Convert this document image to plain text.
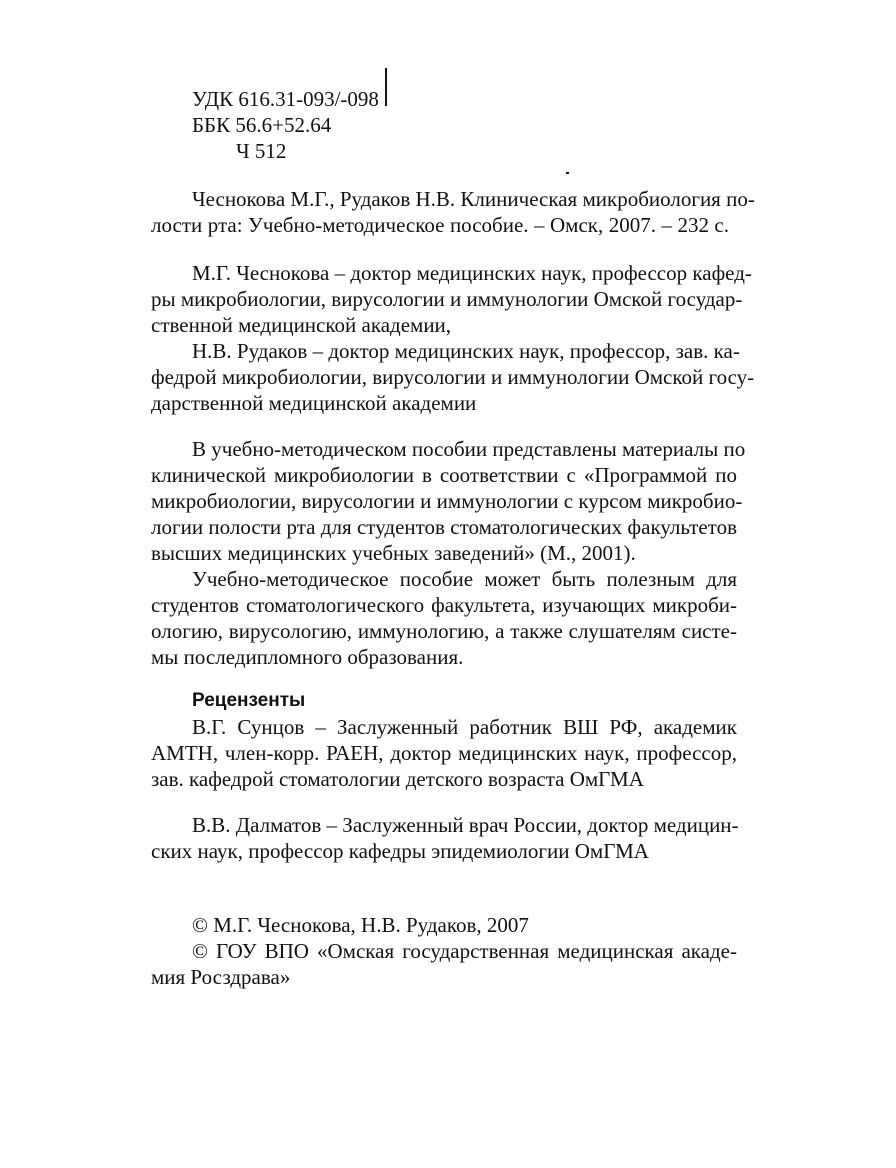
УДК 616.31-093/-098
ББК 56.6+52.64
Ч 512
Чеснокова М.Г., Рудаков Н.В. Клиническая микробиология по-
лости рта: Учебно-методическое пособие. – Омск, 2007. – 232 с.
М.Г. Чеснокова – доктор медицинских наук, профессор кафед-
ры микробиологии, вирусологии и иммунологии Омской государ-
ственной медицинской академии,
Н.В. Рудаков – доктор медицинских наук, профессор, зав. ка-
федрой микробиологии, вирусологии и иммунологии Омской госу-
дарственной медицинской академии
В учебно-методическом пособии представлены материалы по
клинической микробиологии в соответствии с «Программой по
микробиологии, вирусологии и иммунологии с курсом микробио-
логии полости рта для студентов стоматологических факультетов
высших медицинских учебных заведений» (М., 2001).
Учебно-методическое пособие может быть полезным для
студентов стоматологического факультета, изучающих микроби-
ологию, вирусологию, иммунологию, а также слушателям систе-
мы последипломного образования.
Рецензенты
В.Г. Сунцов – Заслуженный работник ВШ РФ, академик
АМТН, член-корр. РАЕН, доктор медицинских наук, профессор,
зав. кафедрой стоматологии детского возраста ОмГМА
В.В. Далматов – Заслуженный врач России, доктор медицин-
ских наук, профессор кафедры эпидемиологии ОмГМА
© М.Г. Чеснокова, Н.В. Рудаков, 2007
© ГОУ ВПО «Омская государственная медицинская акаде-
мия Росздрава»
